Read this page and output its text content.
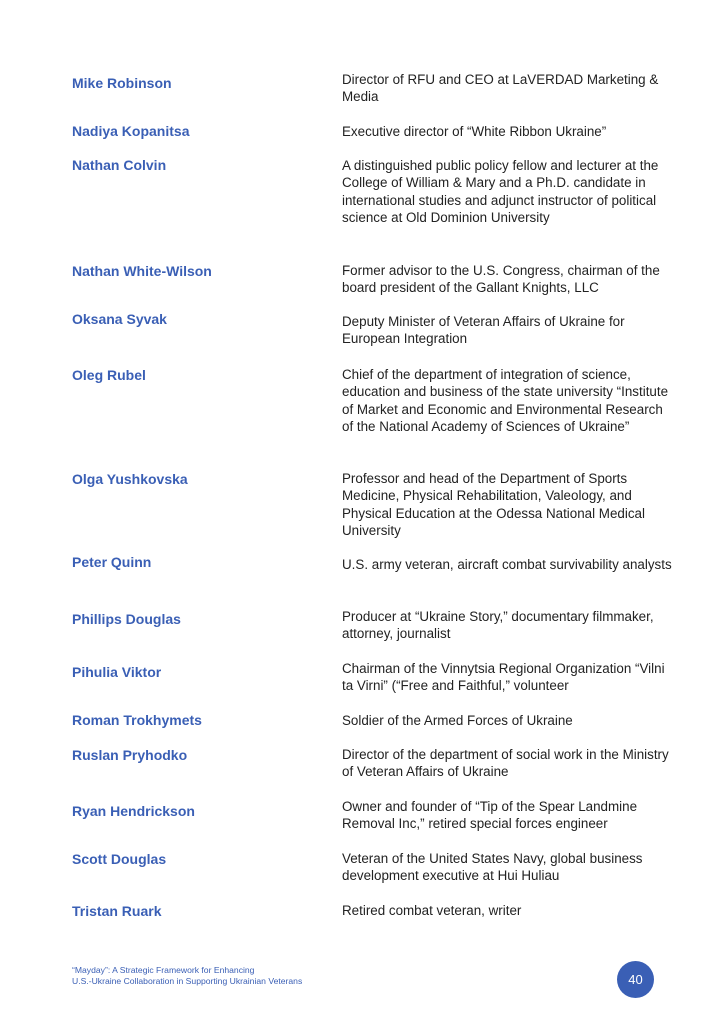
Mike Robinson	Director of RFU and CEO at LaVERDAD Marketing & Media
Nadiya Kopanitsa	Executive director of “White Ribbon Ukraine”
Nathan Colvin	A distinguished public policy fellow and lecturer at the College of William & Mary and a Ph.D. candidate in international studies and adjunct instructor of political science at Old Dominion University
Nathan White-Wilson	Former advisor to the U.S. Congress, chairman of the board president of the Gallant Knights, LLC
Oksana Syvak	Deputy Minister of Veteran Affairs of Ukraine for European Integration
Oleg Rubel	Chief of the department of integration of science, education and business of the state university “Institute of Market and Economic and Environmental Research of the National Academy of Sciences of Ukraine”
Olga Yushkovska	Professor and head of the Department of Sports Medicine, Physical Rehabilitation, Valeology, and Physical Education at the Odessa National Medical University
Peter Quinn	U.S. army veteran, aircraft combat survivability analysts
Phillips Douglas	Producer at “Ukraine Story,” documentary filmmaker, attorney, journalist
Pihulia Viktor	Chairman of the Vinnytsia Regional Organization “Vilni ta Virni” (“Free and Faithful,” volunteer
Roman Trokhymets	Soldier of the Armed Forces of Ukraine
Ruslan Pryhodko	Director of the department of social work in the Ministry of Veteran Affairs of Ukraine
Ryan Hendrickson	Owner and founder of “Tip of the Spear Landmine Removal Inc,” retired special forces engineer
Scott Douglas	Veteran of the United States Navy, global business development executive at Hui Huliau
Tristan Ruark	Retired combat veteran, writer
“Mayday”: A Strategic Framework for Enhancing
U.S.-Ukraine Collaboration in Supporting Ukrainian Veterans	40
